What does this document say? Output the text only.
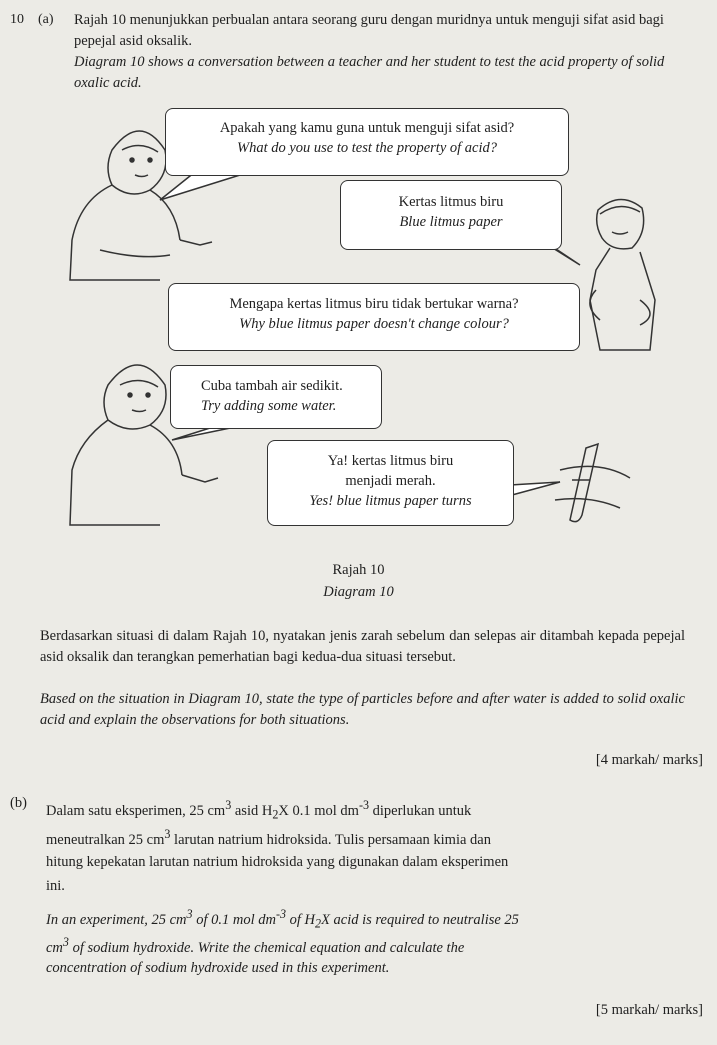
10 (a) Rajah 10 menunjukkan perbualan antara seorang guru dengan muridnya untuk menguji sifat asid bagi pepejal asid oksalik.
Diagram 10 shows a conversation between a teacher and her student to test the acid property of solid oxalic acid.
Apakah yang kamu guna untuk menguji sifat asid?
What do you use to test the property of acid?
Kertas litmus biru
Blue litmus paper
Mengapa kertas litmus biru tidak bertukar warna?
Why blue litmus paper doesn't change colour?
Cuba tambah air sedikit.
Try adding some water.
Ya! kertas litmus biru
menjadi merah.
Yes! blue litmus paper turns
Rajah 10
Diagram 10
Berdasarkan situasi di dalam Rajah 10, nyatakan jenis zarah sebelum dan selepas air ditambah kepada pepejal asid oksalik dan terangkan pemerhatian bagi kedua-dua situasi tersebut.
Based on the situation in Diagram 10, state the type of particles before and after water is added to solid oxalic acid and explain the observations for both situations.
[4 markah/ marks]
(b) Dalam satu eksperimen, 25 $cm^3$ asid $H_2X$ 0.1 mol $dm^{-3}$ diperlukan untuk
meneutralkan 25 $cm^3$ larutan natrium hidroksida. Tulis persamaan kimia dan
hitung kepekatan larutan natrium hidroksida yang digunakan dalam eksperimen
ini.
In an experiment, 25 $cm^3$ of 0.1 mol $dm^{-3}$ of $H_2X$ acid is required to neutralise 25
$cm^3$ of sodium hydroxide. Write the chemical equation and calculate the
concentration of sodium hydroxide used in this experiment.
[5 markah/ marks]
